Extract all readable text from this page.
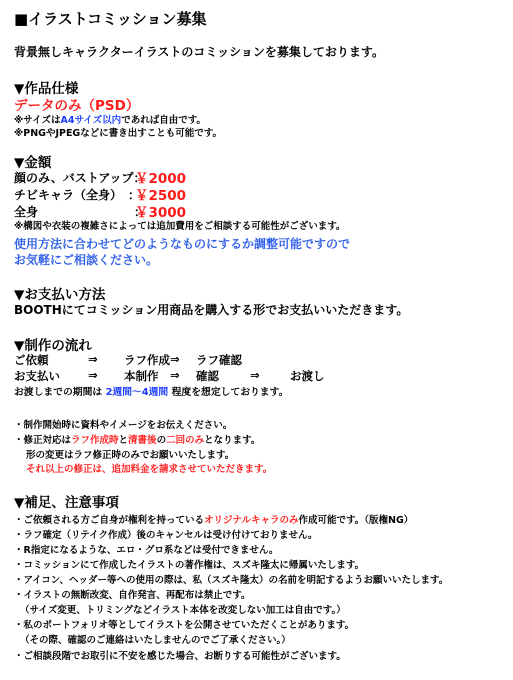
■イラストコミッション募集
背景無しキャラクターイラストのコミッションを募集しております。
▼作品仕様
データのみ（PSD）
※サイズはA4サイズ以内であれば自由です。
※PNGやJPEGなどに書き出すことも可能です。
▼金額
顔のみ、バストアップ：
￥2000
チビキャラ（全身）　：
￥2500
全身　　　　　　　　：
￥3000
※構図や衣装の複雑さによっては追加費用をご相談する可能性がございます。
使用方法に合わせてどのようなものにするか調整可能ですので
お気軽にご相談ください。
▼お支払い方法
BOOTHにてコミッション用商品を購入する形でお支払いいただきます。
▼制作の流れ
ご依頼	⇒ ラフ作成 ⇒ ラフ確認
お支払い ⇒ 本制作 ⇒ 確認	⇒	お渡し
お渡しまでの期間は 2週間〜4週間 程度を想定しております。
・制作開始時に資料やイメージをお伝えください。
・修正対応はラフ作成時と清書後の二回のみとなります。
形の変更はラフ修正時のみでお願いいたします。
それ以上の修正は、追加料金を請求させていただきます。
▼補足、注意事項
・ご依頼される方ご自身が権利を持っているオリジナルキャラのみ作成可能です。（版権NG）
・ラフ確定（リテイク作成）後のキャンセルは受け付けておりません。
・R指定になるような、エロ・グロ系などは受付できません。
・コミッションにて作成したイラストの著作権は、スズキ隆太に帰属いたします。
・アイコン、ヘッダー等への使用の際は、私（スズキ隆太）の名前を明記するようお願いいたします。
・イラストの無断改変、自作発言、再配布は禁止です。
（サイズ変更、トリミングなどイラスト本体を改変しない加工は自由です。）
・私のポートフォリオ等としてイラストを公開させていただくことがあります。
（その際、確認のご連絡はいたしませんのでご了承ください。）
・ご相談段階でお取引に不安を感じた場合、お断りする可能性がございます。
